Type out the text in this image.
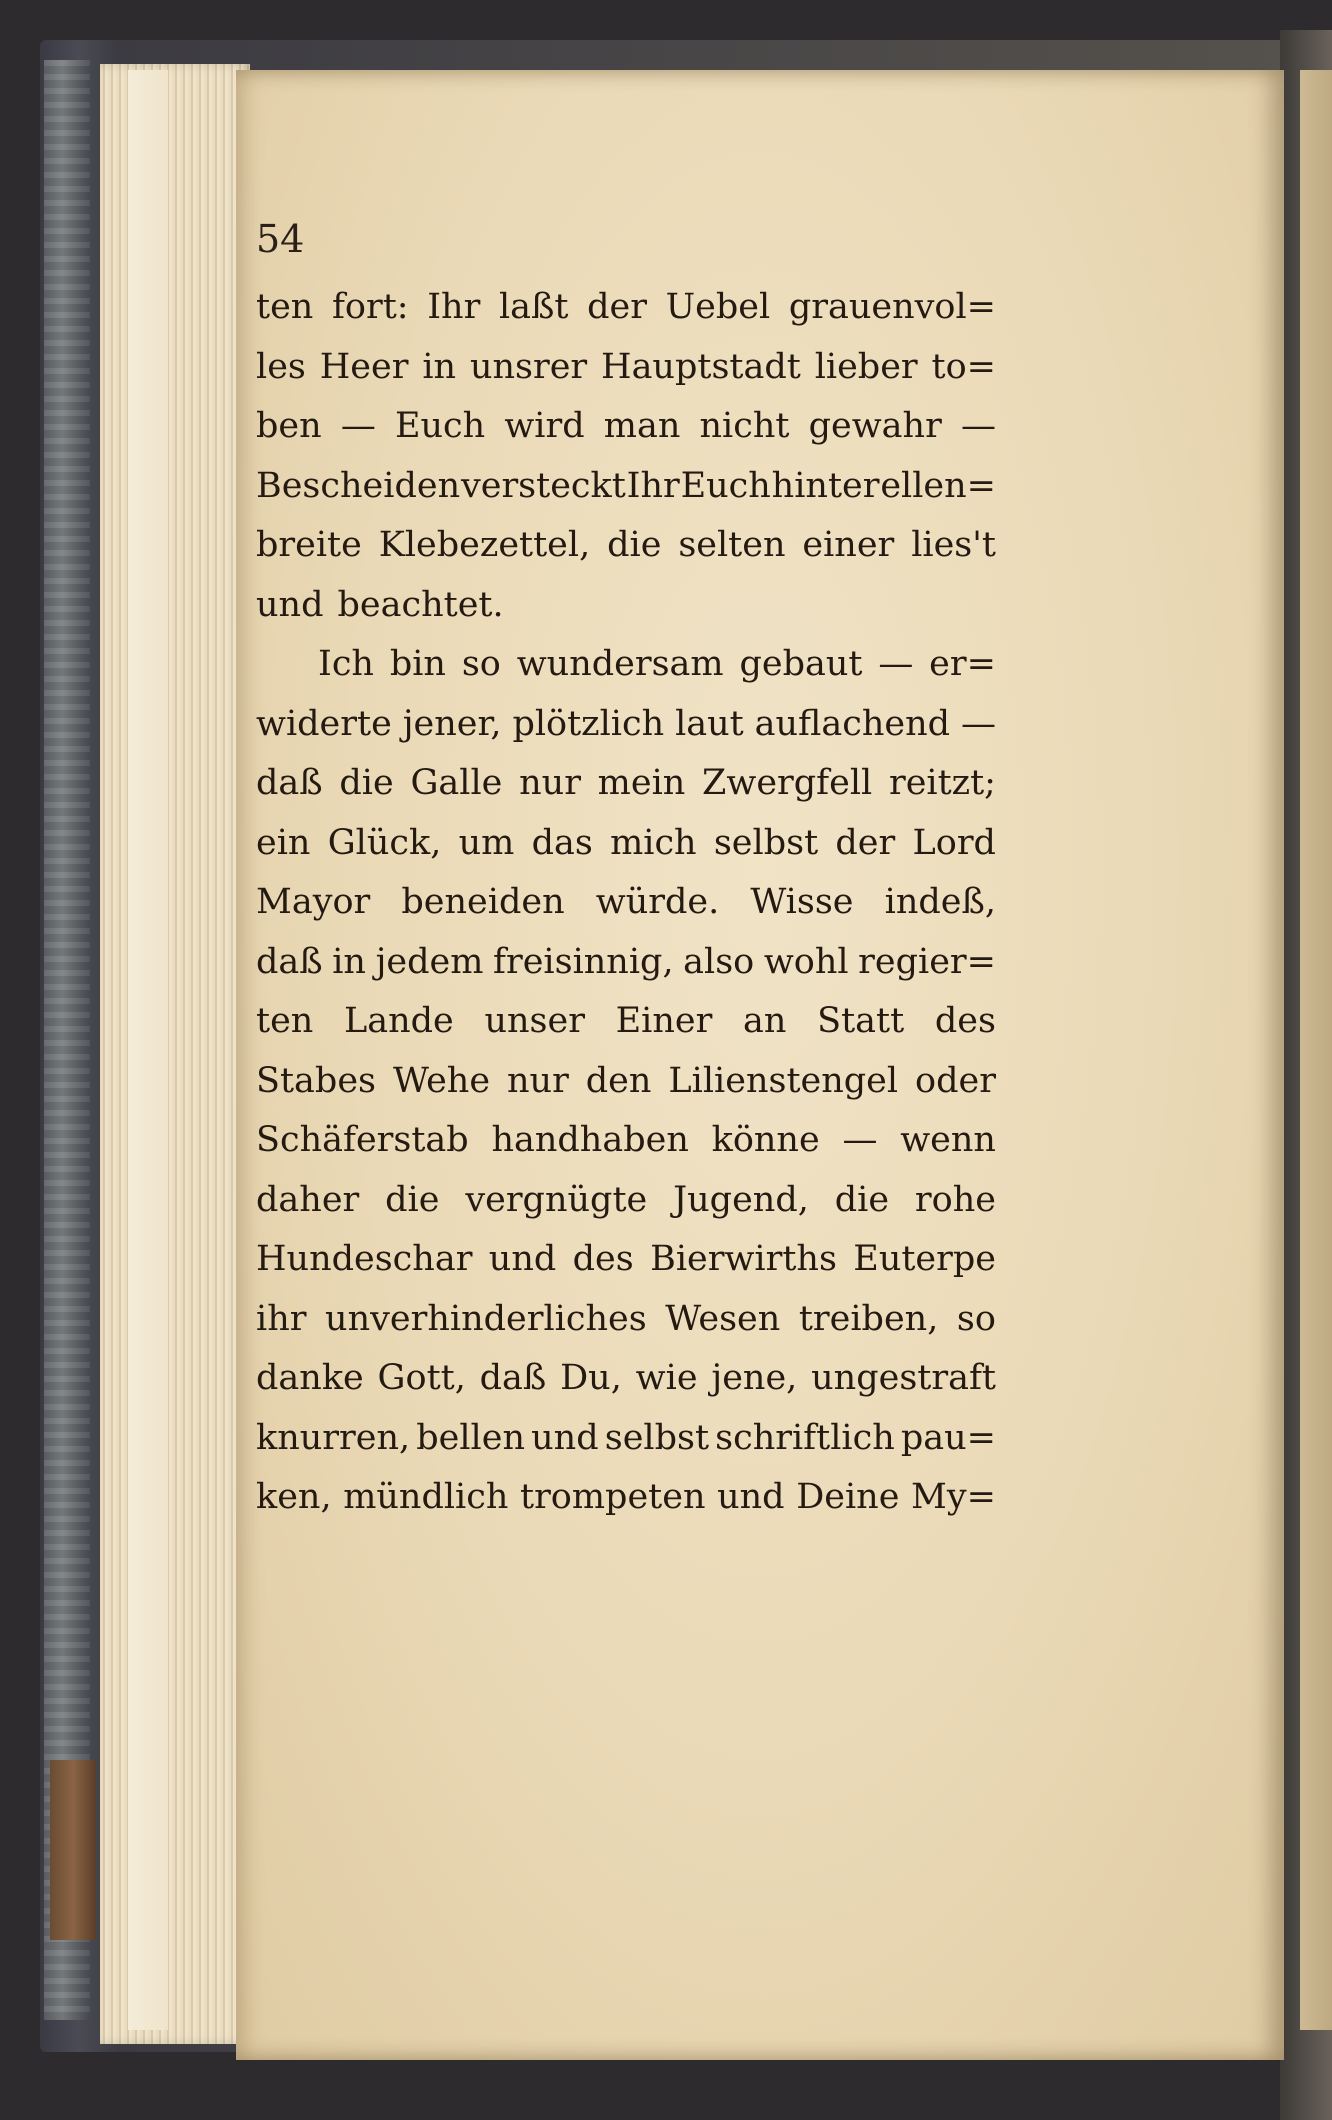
54

ten fort: Ihr laßt der Uebel grauenvol=
les Heer in unsrer Hauptstadt lieber to=
ben — Euch wird man nicht gewahr —
Bescheiden versteckt Ihr Euch hinter ellen=
breite Klebezettel, die selten einer lies't
und beachtet.
Ich bin so wundersam gebaut — er=
widerte jener, plötzlich laut auflachend —
daß die Galle nur mein Zwergfell reitzt;
ein Glück, um das mich selbst der Lord
Mayor beneiden würde. Wisse indeß,
daß in jedem freisinnig, also wohl regier=
ten Lande unser Einer an Statt des
Stabes Wehe nur den Lilienstengel oder
Schäferstab handhaben könne — wenn
daher die vergnügte Jugend, die rohe
Hundeschar und des Bierwirths Euterpe
ihr unverhinderliches Wesen treiben, so
danke Gott, daß Du, wie jene, ungestraft
knurren, bellen und selbst schriftlich pau=
ken, mündlich trompeten und Deine My=
